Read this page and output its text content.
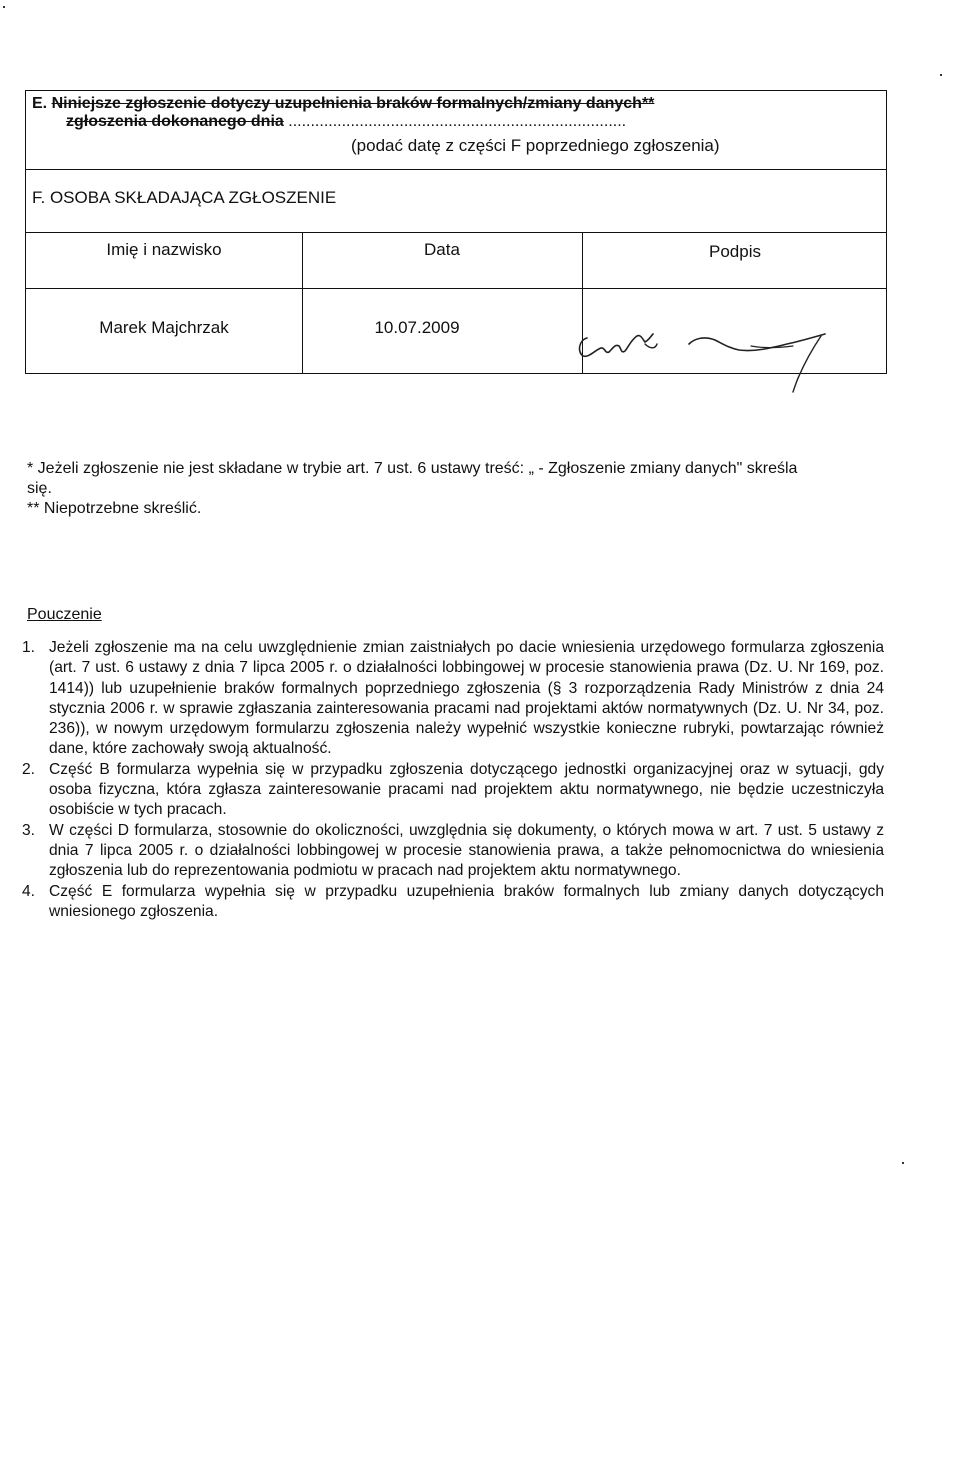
E. Niniejsze zgłoszenie dotyczy uzupełnienia braków formalnych/zmiany danych**
zgłoszenia dokonanego dnia ............................................................................
(podać datę z części F poprzedniego zgłoszenia)
F. OSOBA SKŁADAJĄCA ZGŁOSZENIE
Imię i nazwisko	Data	Podpis
Marek Majchrzak	10.07.2009
* Jeżeli zgłoszenie nie jest składane w trybie art. 7 ust. 6 ustawy treść: „ - Zgłoszenie zmiany danych" skreśla
się.
** Niepotrzebne skreślić.
Pouczenie
1. Jeżeli zgłoszenie ma na celu uwzględnienie zmian zaistniałych po dacie wniesienia urzędowego formularza zgłoszenia (art. 7 ust. 6 ustawy z dnia 7 lipca 2005 r. o działalności lobbingowej w procesie stanowienia prawa (Dz. U. Nr 169, poz. 1414)) lub uzupełnienie braków formalnych poprzedniego zgłoszenia (§ 3 rozporządzenia Rady Ministrów z dnia 24 stycznia 2006 r. w sprawie zgłaszania zainteresowania pracami nad projektami aktów normatywnych (Dz. U. Nr 34, poz. 236)), w nowym urzędowym formularzu zgłoszenia należy wypełnić wszystkie konieczne rubryki, powtarzając również dane, które zachowały swoją aktualność.
2. Część B formularza wypełnia się w przypadku zgłoszenia dotyczącego jednostki organizacyjnej oraz w sytuacji, gdy osoba fizyczna, która zgłasza zainteresowanie pracami nad projektem aktu normatywnego, nie będzie uczestniczyła osobiście w tych pracach.
3. W części D formularza, stosownie do okoliczności, uwzględnia się dokumenty, o których mowa w art. 7 ust. 5 ustawy z dnia 7 lipca 2005 r. o działalności lobbingowej w procesie stanowienia prawa, a także pełnomocnictwa do wniesienia zgłoszenia lub do reprezentowania podmiotu w pracach nad projektem aktu normatywnego.
4. Część E formularza wypełnia się w przypadku uzupełnienia braków formalnych lub zmiany danych dotyczących wniesionego zgłoszenia.
